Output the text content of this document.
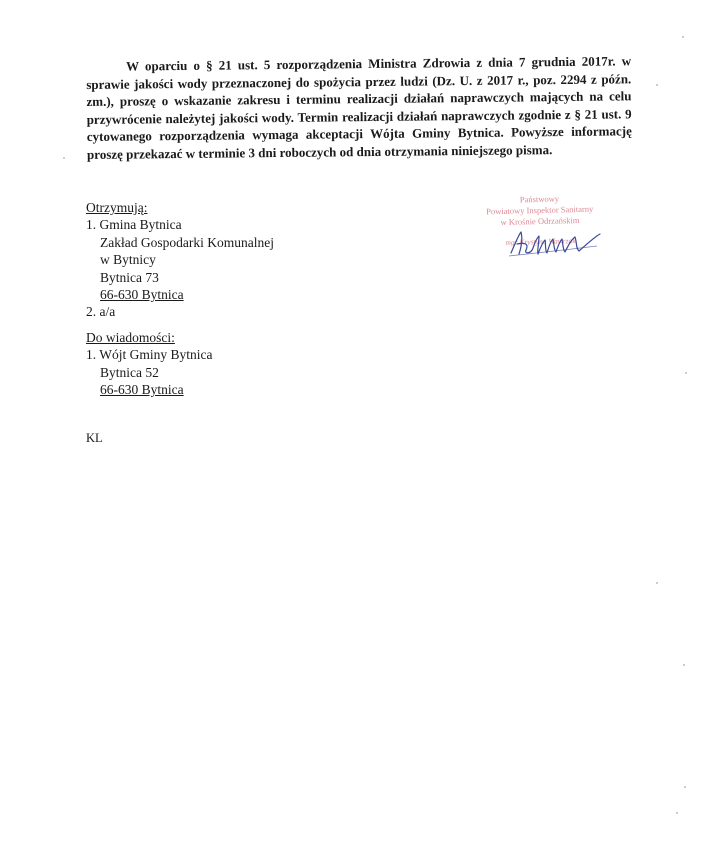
W oparciu o § 21 ust. 5 rozporządzenia Ministra Zdrowia z dnia 7 grudnia 2017r. w sprawie jakości wody przeznaczonej do spożycia przez ludzi (Dz. U. z 2017 r., poz. 2294 z późn. zm.), proszę o wskazanie zakresu i terminu realizacji działań naprawczych mających na celu przywrócenie należytej jakości wody. Termin realizacji działań naprawczych zgodnie z § 21 ust. 9 cytowanego rozporządzenia wymaga akceptacji Wójta Gminy Bytnica. Powyższe informację proszę przekazać w terminie 3 dni roboczych od dnia otrzymania niniejszego pisma.
Otrzymują:
1. Gmina Bytnica
Zakład Gospodarki Komunalnej
w Bytnicy
Bytnica 73
66-630 Bytnica
2. a/a
Do wiadomości:
1. Wójt Gminy Bytnica
Bytnica 52
66-630 Bytnica
KL
Państwowy
Powiatowy Inspektor Sanitarny
w Krośnie Odrzańskim
mgr Krystyna Wawrzak
